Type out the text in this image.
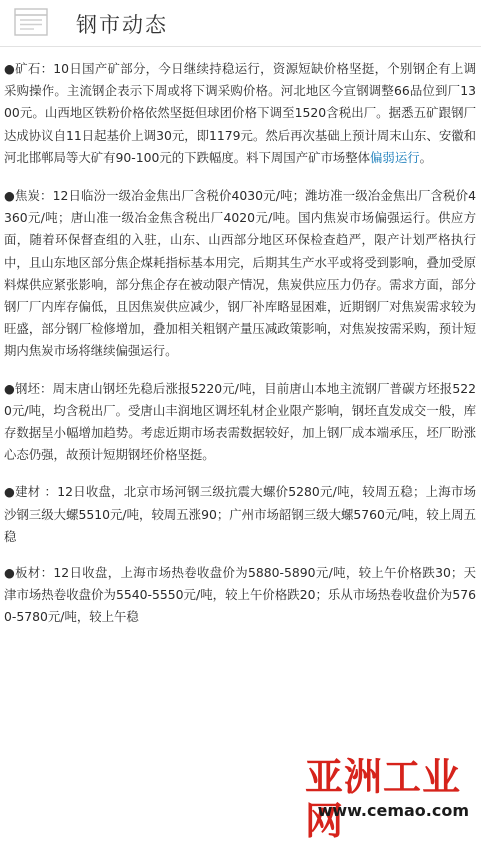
钢市动态

●矿石：10日国产矿部分，今日继续持稳运行，资源短缺价格坚挺，个别钢企有上调采购操作。主流钢企表示下周或将下调采购价格。河北地区今宣钢调整66品位到厂1300元。山西地区铁粉价格依然坚挺但球团价格下调至1520含税出厂。据悉五矿跟钢厂达成协议自11日起基价上调30元，即1179元。然后再次基础上预计周末山东、安徽和河北邯郸局等大矿有90-100元的下跌幅度。料下周国产矿市场整体偏弱运行。

●焦炭：12日临汾一级冶金焦出厂含税价4030元/吨；潍坊准一级冶金焦出厂含税价4360元/吨；唐山准一级冶金焦含税出厂4020元/吨。国内焦炭市场偏强运行。供应方面，随着环保督查组的入驻，山东、山西部分地区环保检查趋严，限产计划严格执行中，且山东地区部分焦企煤耗指标基本用完，后期其生产水平或将受到影响，叠加受原料煤供应紧张影响，部分焦企存在被动限产情况，焦炭供应压力仍存。需求方面，部分钢厂厂内库存偏低，且因焦炭供应减少，钢厂补库略显困难，近期钢厂对焦炭需求较为旺盛，部分钢厂检修增加，叠加相关粗钢产量压减政策影响，对焦炭按需采购，预计短期内焦炭市场将继续偏强运行。

●钢坯：周末唐山钢坯先稳后涨报5220元/吨，目前唐山本地主流钢厂普碳方坯报5220元/吨，均含税出厂。受唐山丰润地区调坯轧材企业限产影响，钢坯直发成交一般，库存数据呈小幅增加趋势。考虑近期市场表需数据较好，加上钢厂成本端承压，坯厂盼涨心态仍强，故预计短期钢坯价格坚挺。

●建材 ：12日收盘，北京市场河钢三级抗震大螺价5280元/吨，较周五稳；上海市场沙钢三级大螺5510元/吨，较周五涨90；广州市场韶钢三级大螺5760元/吨，较上周五稳

●板材：12日收盘，上海市场热卷收盘价为5880-5890元/吨，较上午价格跌30；天津市场热卷收盘价为5540-5550元/吨，较上午价格跌20；乐从市场热卷收盘价为5760-5780元/吨，较上午稳

亚洲工业网
www.cemaо.com
